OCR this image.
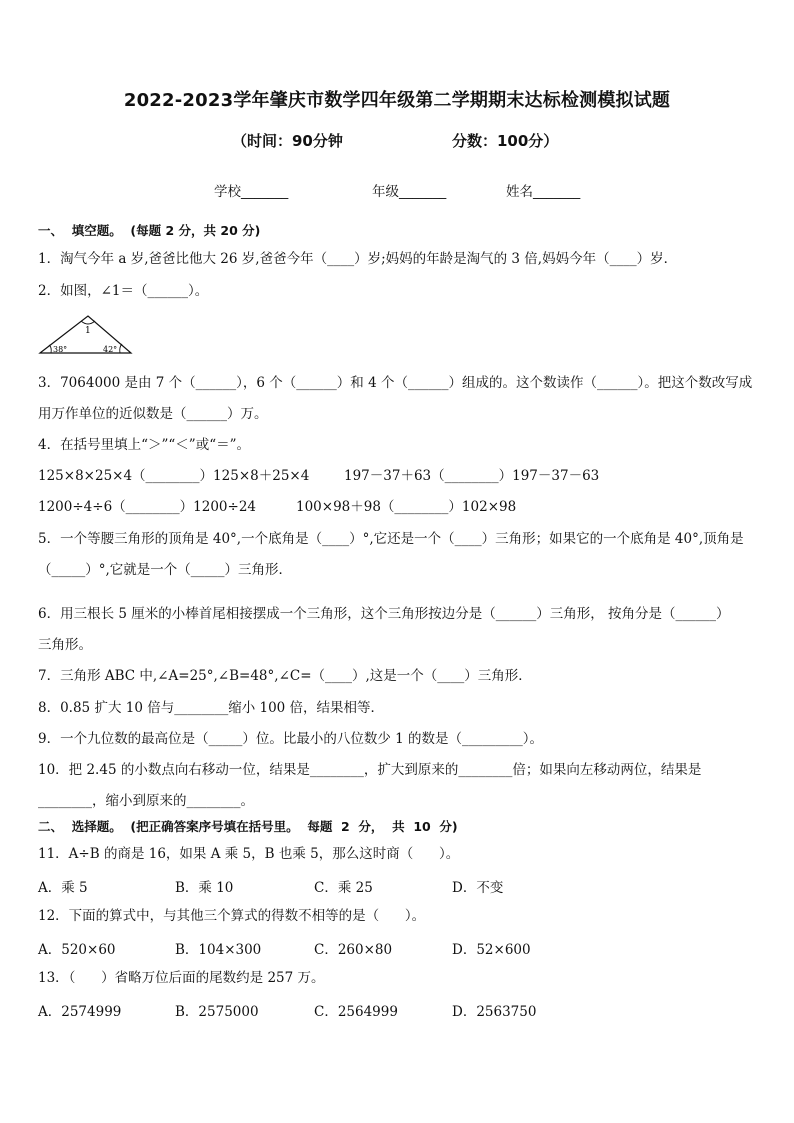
2022-2023学年肇庆市数学四年级第二学期期末达标检测模拟试题
（时间：90分钟	分数：100分）
学校_______	年级_______	姓名_______
一、  填空题。  (每题 2 分，共 20 分)
1．淘气今年 a 岁,爸爸比他大 26 岁,爸爸今年（____）岁;妈妈的年龄是淘气的 3 倍,妈妈今年（____）岁．
2．如图，∠1＝（______）。
1
38°	42°
3．7064000 是由 7 个（______），6 个（______）和 4 个（______）组成的。这个数读作（______）。把这个数改写成
用万作单位的近似数是（______）万。
4．在括号里填上“＞”“＜”或“＝”。
125×8×25×4（________）125×8＋25×4	197－37＋63（________）197－37－63
1200÷4÷6（________）1200÷24	100×98＋98（________）102×98
5．一个等腰三角形的顶角是 40°,一个底角是（____）°,它还是一个（____）三角形；如果它的一个底角是 40°,顶角是
（_____）°,它就是一个（_____）三角形．
6．用三根长 5 厘米的小棒首尾相接摆成一个三角形，这个三角形按边分是（______）三角形， 按角分是（______）
三角形。
7．三角形 ABC 中,∠A=25°,∠B=48°,∠C=（____）,这是一个（____）三角形．
8．0.85 扩大 10 倍与________缩小 100 倍，结果相等．
9．一个九位数的最高位是（_____）位。比最小的八位数少 1 的数是（_________）。
10．把 2.45 的小数点向右移动一位，结果是________，扩大到原来的________倍；如果向左移动两位，结果是
________，缩小到原来的________。
二、  选择题。  (把正确答案序号填在括号里。  每题  2  分，  共  10  分)
11．A÷B 的商是 16，如果 A 乘 5，B 也乘 5，那么这时商（      ）。
A．乘 5	B．乘 10	C．乘 25	D．不变
12．下面的算式中，与其他三个算式的得数不相等的是（      ）。
A．520×60	B．104×300	C．260×80	D．52×600
13．（      ）省略万位后面的尾数约是 257 万。
A．2574999	B．2575000	C．2564999	D．2563750
